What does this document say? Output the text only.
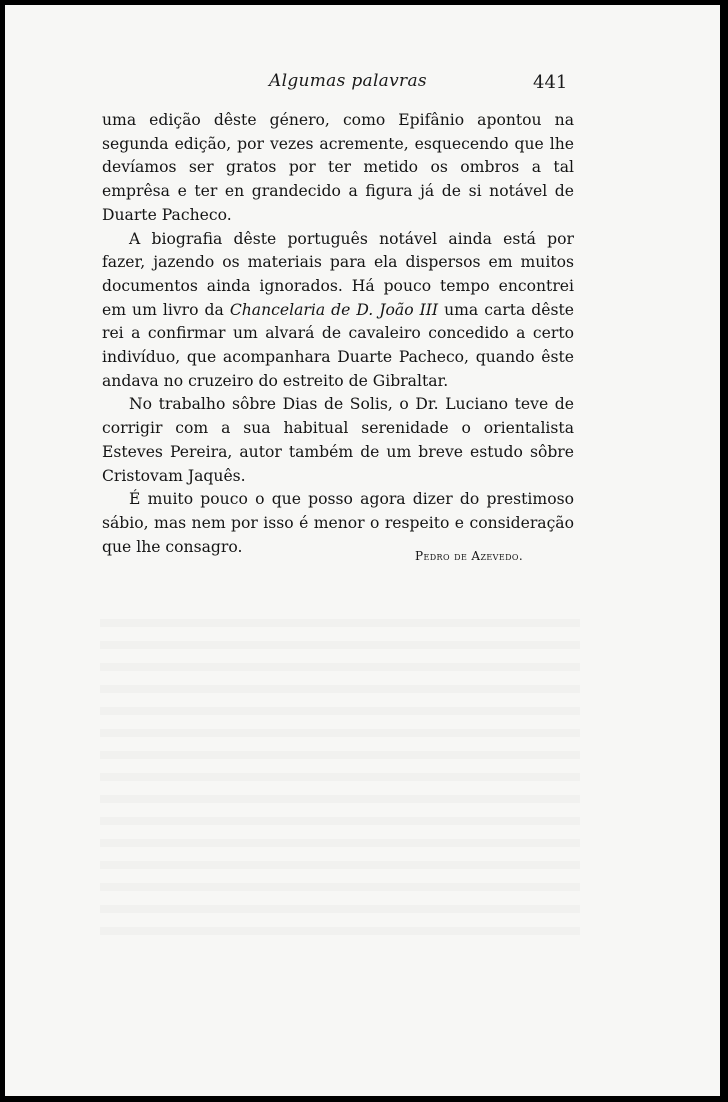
Algumas palavras	441

uma edição dêste género, como Epifânio apontou na segunda edição, por vezes acremente, esquecendo que lhe devíamos ser gratos por ter metido os ombros a tal emprêsa e ter en grandecido a figura já de si notável de Duarte Pacheco.

A biografia dêste português notável ainda está por fazer, jazendo os materiais para ela dispersos em muitos documentos ainda ignorados. Há pouco tempo encontrei em um livro da Chancelaria de D. João III uma carta dêste rei a confirmar um alvará de cavaleiro concedido a certo indivíduo, que acompanhara Duarte Pacheco, quando êste andava no cruzeiro do estreito de Gibraltar.

No trabalho sôbre Dias de Solis, o Dr. Luciano teve de corrigir com a sua habitual serenidade o orientalista Esteves Pereira, autor também de um breve estudo sôbre Cristovam Jaquês.

É muito pouco o que posso agora dizer do prestimoso sábio, mas nem por isso é menor o respeito e consideração que lhe consagro.

Pedro de Azevedo.
